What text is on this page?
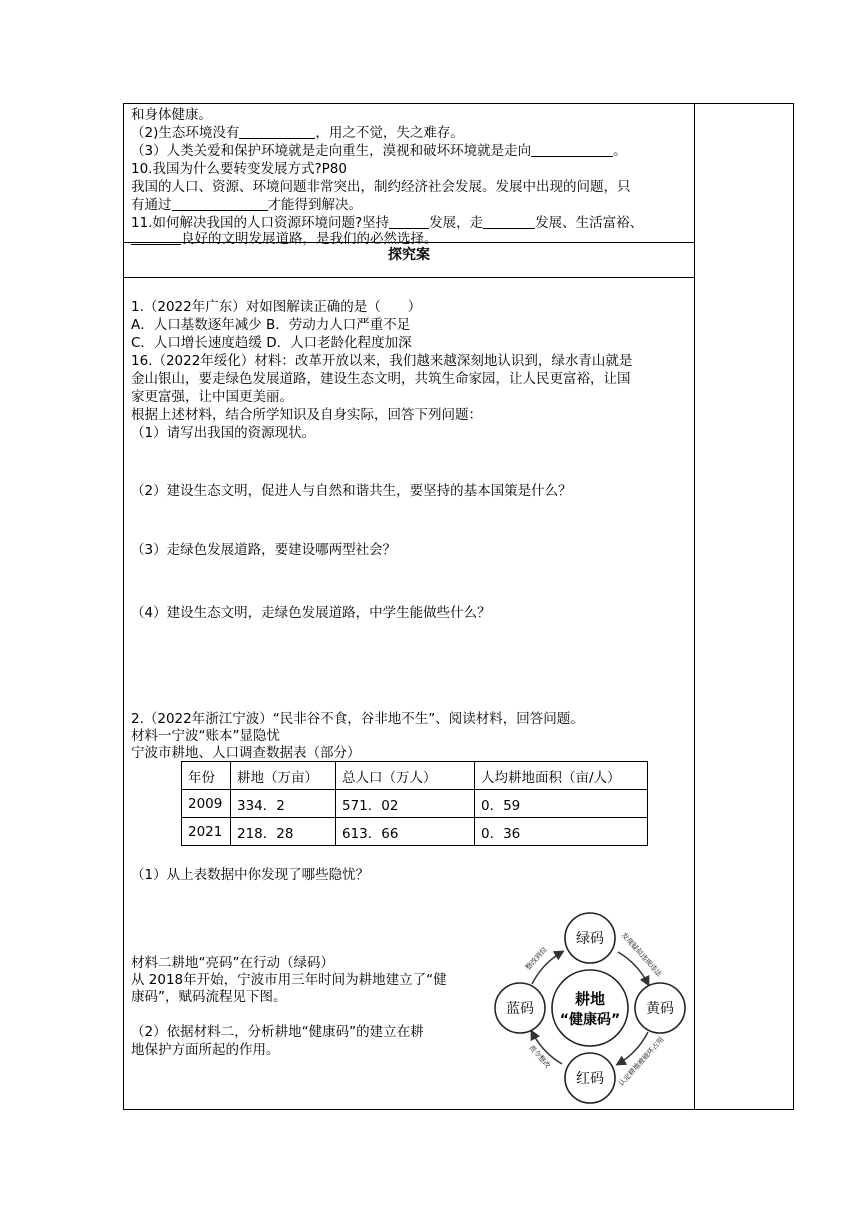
和身体健康。
（2)生态环境没有	，用之不觉，失之难存。
（3）人类关爱和保护环境就是走向重生，漠视和破坏环境就是走向	。
10.我国为什么要转变发展方式?P80
我国的人口、资源、环境问题非常突出，制约经济社会发展。发展中出现的问题，只
有通过	才能得到解决。
11.如何解决我国的人口资源环境问题?坚持	发展，走	发展、生活富裕、
良好的文明发展道路，是我们的必然选择。
探究案
1.（2022年广东）对如图解读正确的是（　　）
A．人口基数逐年减少 B．劳动力人口严重不足
C．人口增长速度趋缓 D．人口老龄化程度加深
16.（2022年绥化）材料：改革开放以来，我们越来越深刻地认识到，绿水青山就是
金山银山，要走绿色发展道路，建设生态文明，共筑生命家园，让人民更富裕，让国
家更富强，让中国更美丽。
根据上述材料，结合所学知识及自身实际，回答下列问题：
（1）请写出我国的资源现状。
（2）建设生态文明，促进人与自然和谐共生，要坚持的基本国策是什么？
（3）走绿色发展道路，要建设哪两型社会？
（4）建设生态文明，走绿色发展道路，中学生能做些什么？
2.（2022年浙江宁波）“民非谷不食，谷非地不生”、阅读材料，回答问题。
材料一宁波“账本”显隐忧
宁波市耕地、人口调查数据表（部分）
年份	耕地（万亩）	总人口（万人）	人均耕地面积（亩/人）
2009	334．2	571．02	0．59
2021	218．28	613．66	0．36
（1）从上表数据中你发现了哪些隐忧？
材料二耕地“亮码”在行动（绿码）
从 2018年开始，宁波市用三年时间为耕地建立了“健
康码”，赋码流程见下图。
（2）依据材料二，分析耕地“健康码”的建立在耕
地保护方面所起的作用。
耕地
“健康码”
绿码
黄码
红码
蓝码
发现疑似违规违法
认定耕地被破坏占用
责令整改
整改到位
